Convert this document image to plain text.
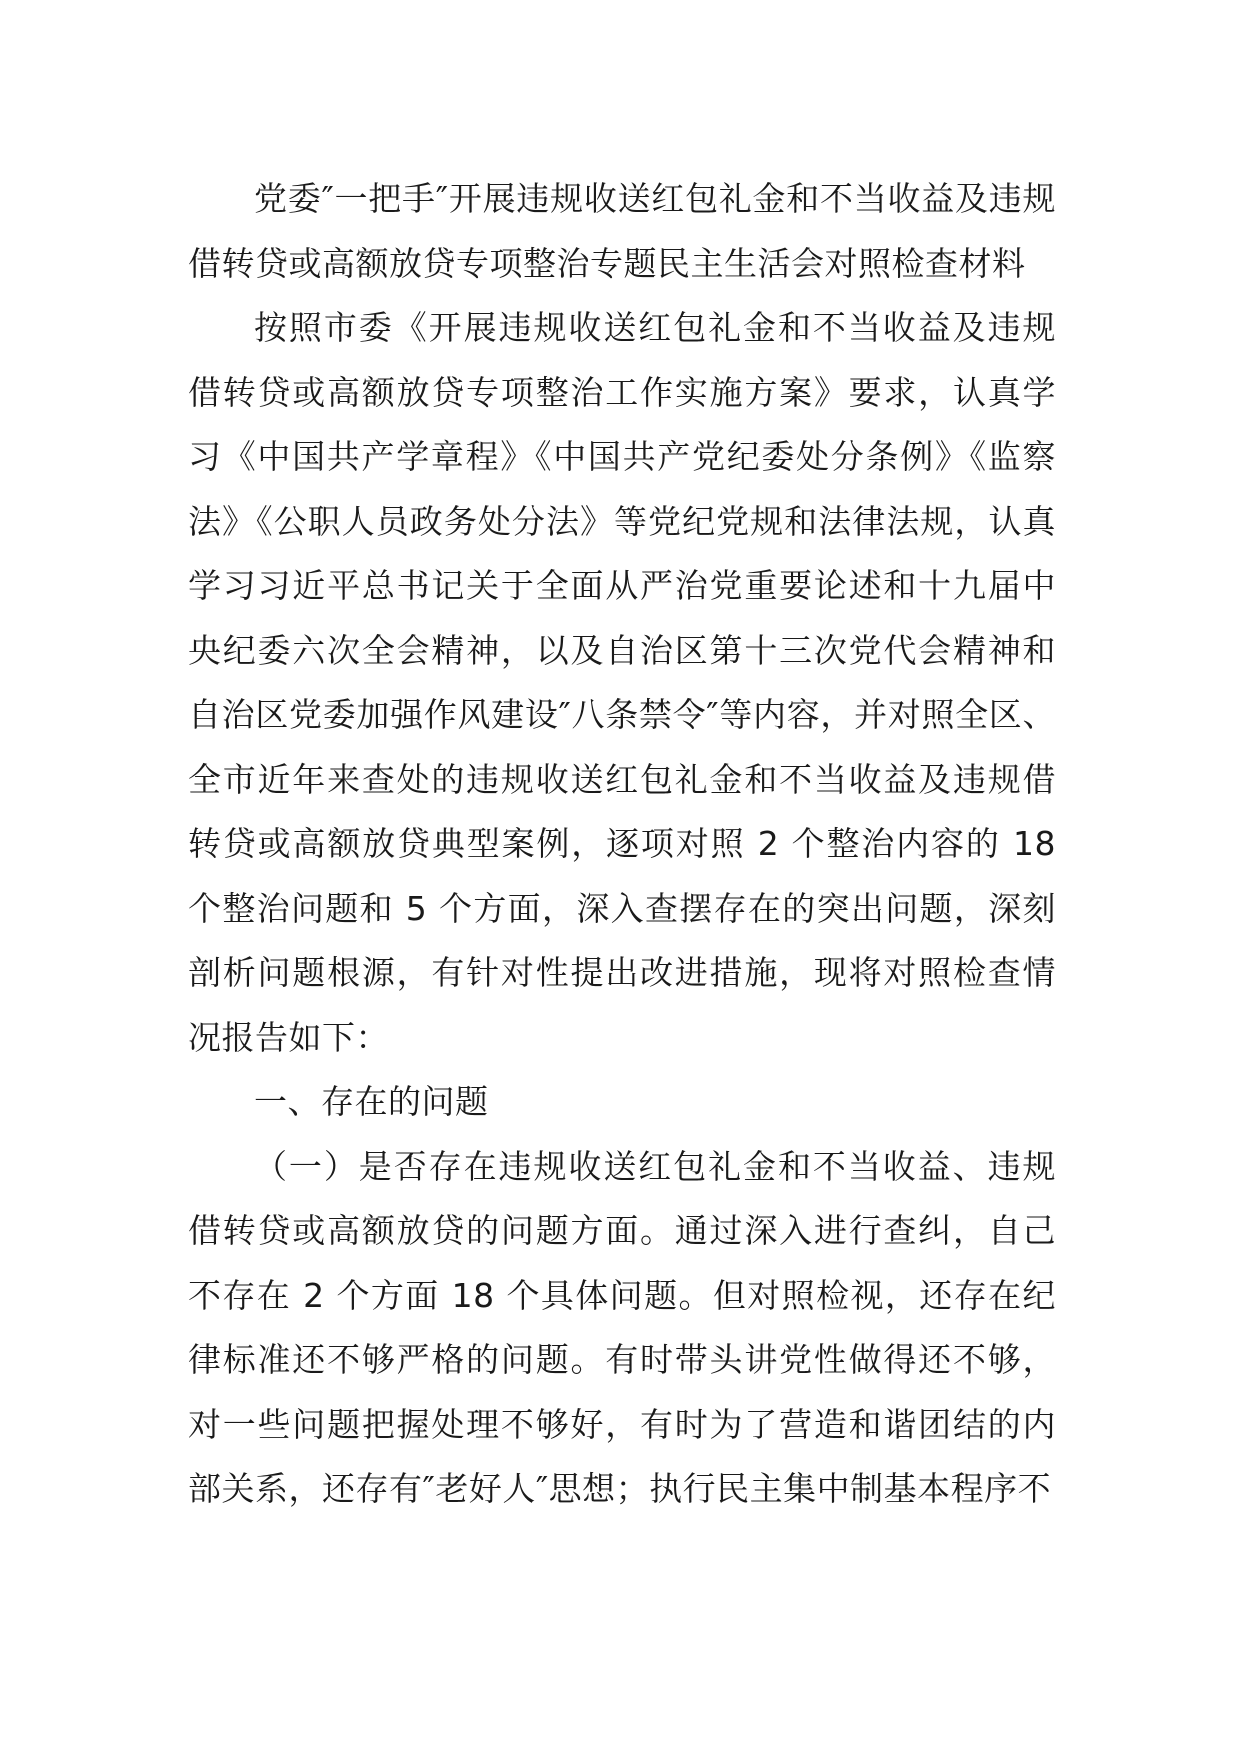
党委″一把手″开展违规收送红包礼金和不当收益及违规借转贷或高额放贷专项整治专题民主生活会对照检查材料

按照市委《开展违规收送红包礼金和不当收益及违规借转贷或高额放贷专项整治工作实施方案》要求，认真学习《中国共产学章程》《中国共产党纪委处分条例》《监察法》《公职人员政务处分法》等党纪党规和法律法规，认真学习习近平总书记关于全面从严治党重要论述和十九届中央纪委六次全会精神，以及自治区第十三次党代会精神和自治区党委加强作风建设″八条禁令″等内容，并对照全区、全市近年来查处的违规收送红包礼金和不当收益及违规借转贷或高额放贷典型案例，逐项对照 2 个整治内容的 18 个整治问题和 5 个方面，深入查摆存在的突出问题，深刻剖析问题根源，有针对性提出改进措施，现将对照检查情况报告如下：

一、存在的问题

（一）是否存在违规收送红包礼金和不当收益、违规借转贷或高额放贷的问题方面。通过深入进行查纠，自己不存在 2 个方面 18 个具体问题。但对照检视，还存在纪律标准还不够严格的问题。有时带头讲党性做得还不够，对一些问题把握处理不够好，有时为了营造和谐团结的内部关系，还存有″老好人″思想；执行民主集中制基本程序不
